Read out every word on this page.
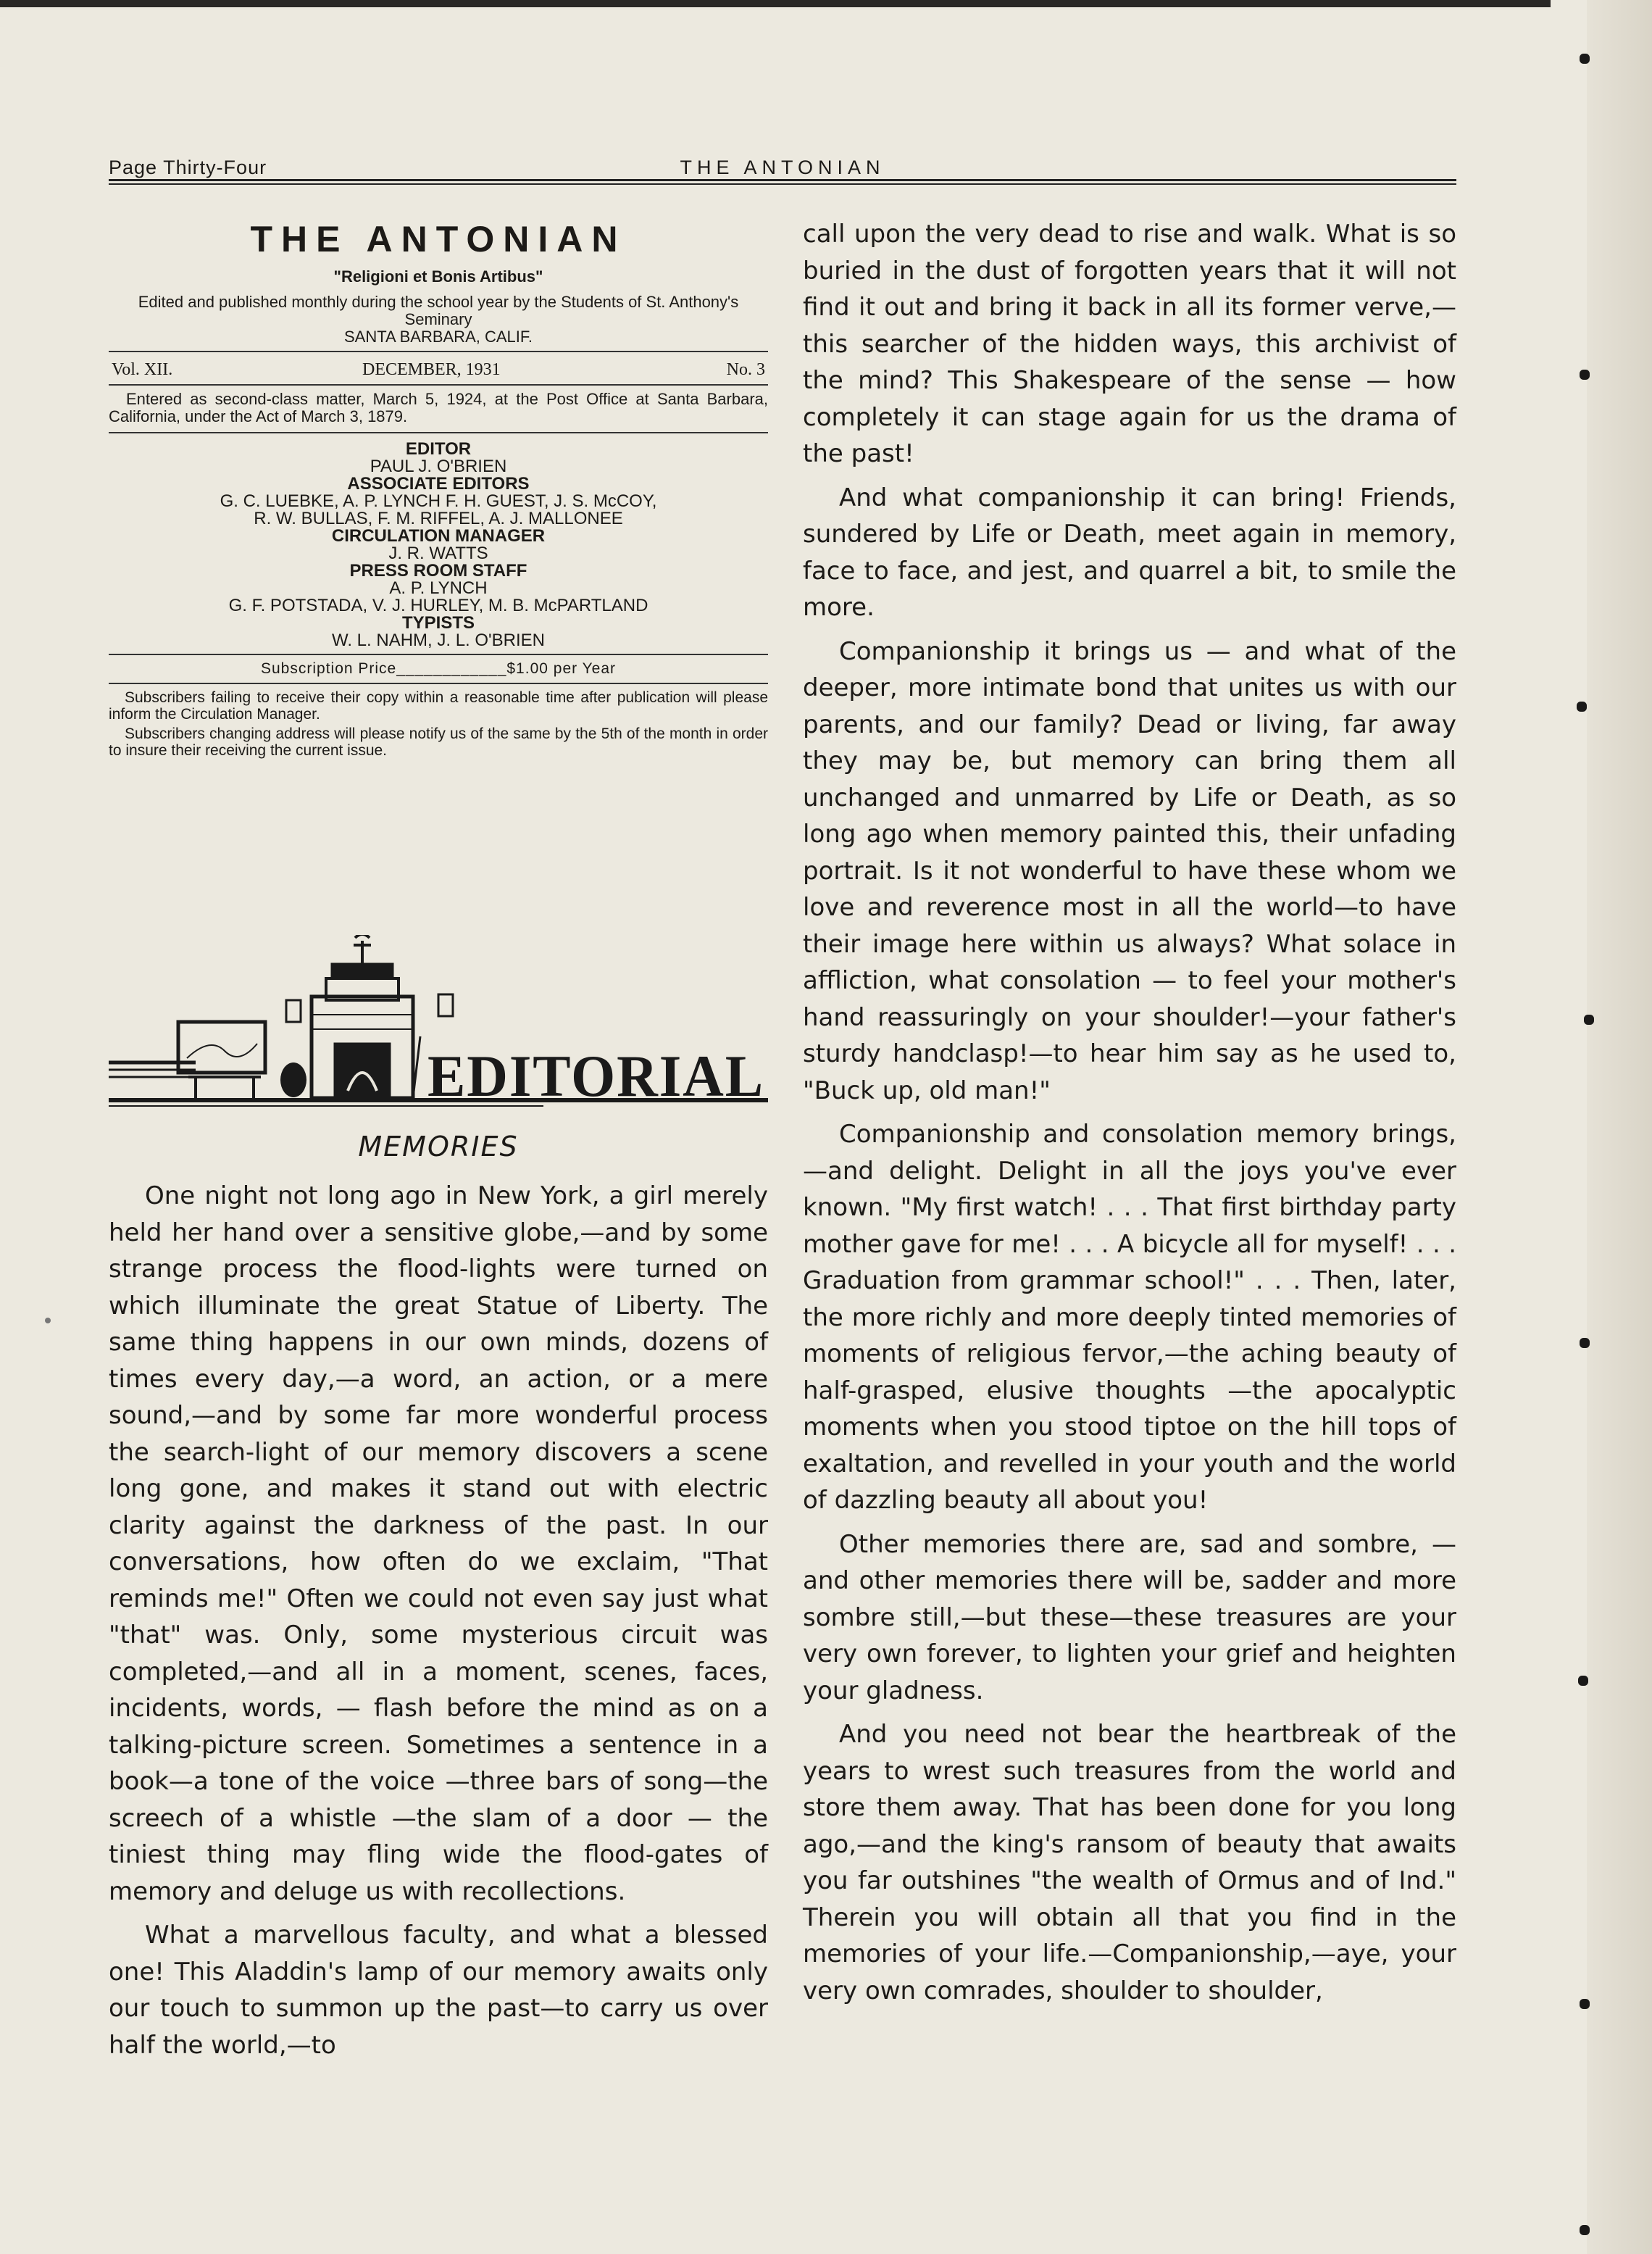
Page Thirty-Four	THE ANTONIAN
THE ANTONIAN
"Religioni et Bonis Artibus"
Edited and published monthly during the school year by the Students of St. Anthony's Seminary
SANTA BARBARA, CALIF.
Vol. XII.	DECEMBER, 1931	No. 3
Entered as second-class matter, March 5, 1924, at the Post Office at Santa Barbara, California, under the Act of March 3, 1879.
EDITOR
PAUL J. O'BRIEN
ASSOCIATE EDITORS
G. C. LUEBKE, A. P. LYNCH F. H. GUEST, J. S. McCOY,
R. W. BULLAS, F. M. RIFFEL, A. J. MALLONEE
CIRCULATION MANAGER
J. R. WATTS
PRESS ROOM STAFF
A. P. LYNCH
G. F. POTSTADA, V. J. HURLEY, M. B. McPARTLAND
TYPISTS
W. L. NAHM, J. L. O'BRIEN
Subscription Price____________$1.00 per Year
Subscribers failing to receive their copy within a reasonable time after publication will please inform the Circulation Manager.
Subscribers changing address will please notify us of the same by the 5th of the month in order to insure their receiving the current issue.
EDITORIAL
MEMORIES

One night not long ago in New York, a girl merely held her hand over a sensitive globe,—and by some strange process the flood-lights were turned on which illuminate the great Statue of Liberty. The same thing happens in our own minds, dozens of times every day,—a word, an action, or a mere sound,—and by some far more wonderful process the search-light of our memory discovers a scene long gone, and makes it stand out with electric clarity against the darkness of the past. In our conversations, how often do we exclaim, "That reminds me!" Often we could not even say just what "that" was. Only, some mysterious circuit was completed,—and all in a moment, scenes, faces, incidents, words, — flash before the mind as on a talking-picture screen. Sometimes a sentence in a book—a tone of the voice —three bars of song—the screech of a whistle —the slam of a door — the tiniest thing may fling wide the flood-gates of memory and deluge us with recollections.

What a marvellous faculty, and what a blessed one! This Aladdin's lamp of our memory awaits only our touch to summon up the past—to carry us over half the world,—to

call upon the very dead to rise and walk. What is so buried in the dust of forgotten years that it will not find it out and bring it back in all its former verve,—this searcher of the hidden ways, this archivist of the mind? This Shakespeare of the sense — how completely it can stage again for us the drama of the past!

And what companionship it can bring! Friends, sundered by Life or Death, meet again in memory, face to face, and jest, and quarrel a bit, to smile the more.

Companionship it brings us — and what of the deeper, more intimate bond that unites us with our parents, and our family? Dead or living, far away they may be, but memory can bring them all unchanged and unmarred by Life or Death, as so long ago when memory painted this, their unfading portrait. Is it not wonderful to have these whom we love and reverence most in all the world—to have their image here within us always? What solace in affliction, what consolation — to feel your mother's hand reassuringly on your shoulder!—your father's sturdy handclasp!—to hear him say as he used to, "Buck up, old man!"

Companionship and consolation memory brings,—and delight. Delight in all the joys you've ever known. "My first watch! . . . That first birthday party mother gave for me! . . . A bicycle all for myself! . . . Graduation from grammar school!" . . . Then, later, the more richly and more deeply tinted memories of moments of religious fervor,—the aching beauty of half-grasped, elusive thoughts —the apocalyptic moments when you stood tiptoe on the hill tops of exaltation, and revelled in your youth and the world of dazzling beauty all about you!

Other memories there are, sad and sombre, —and other memories there will be, sadder and more sombre still,—but these—these treasures are your very own forever, to lighten your grief and heighten your gladness.

And you need not bear the heartbreak of the years to wrest such treasures from the world and store them away. That has been done for you long ago,—and the king's ransom of beauty that awaits you far outshines "the wealth of Ormus and of Ind." Therein you will obtain all that you find in the memories of your life.—Companionship,—aye, your very own comrades, shoulder to shoulder,
